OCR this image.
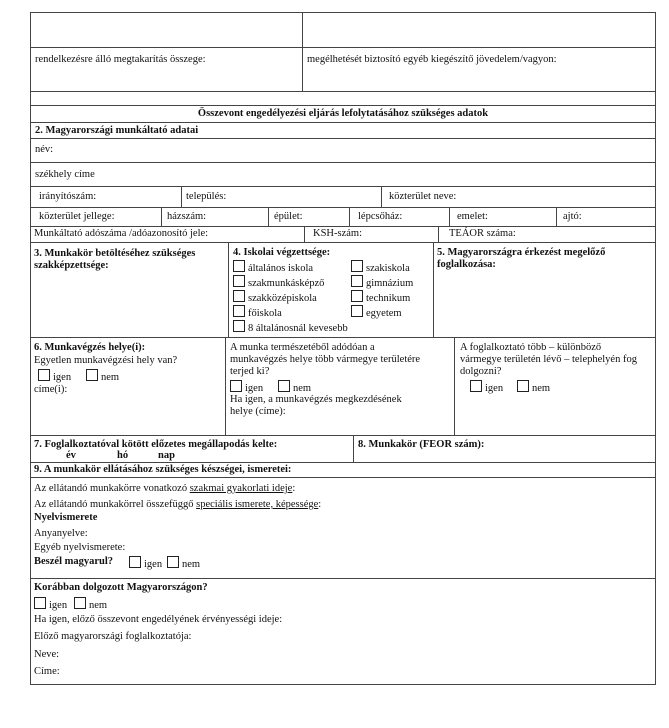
rendelkezésre álló megtakarítás összege:	megélhetését biztosító egyéb kiegészítő jövedelem/vagyon:
Összevont engedélyezési eljárás lefolytatásához szükséges adatok
2. Magyarországi munkáltató adatai
név:
székhely címe
irányítószám:	település:	közterület neve:
közterület jellege:	házszám:	épület:	lépcsőház:	emelet:	ajtó:
Munkáltató adószáma /adóazonosító jele:	KSH-szám:	TEÁOR száma:
3. Munkakör betöltéséhez szükséges szakképzettsége:
4. Iskolai végzettsége:
általános iskola	szakiskola
szakmunkásképző	gimnázium
szakközépiskola	technikum
főiskola	egyetem
8 általánosnál kevesebb
5. Magyarországra érkezést megelőző foglalkozása:
6. Munkavégzés helye(i):
Egyetlen munkavégzési hely van?
igen	nem
címe(i):
A munka természetéből adódóan a
munkavégzés helye több vármegye területére
terjed ki?
igen	nem
Ha igen, a munkavégzés megkezdésének
helye (címe):
A foglalkoztató több – különböző
vármegye területén lévő – telephelyén fog
dolgozni?
igen	nem
7. Foglalkoztatóval kötött előzetes megállapodás kelte:
év	hó	nap
8. Munkakör (FEOR szám):
9. A munkakör ellátásához szükséges készségei, ismeretei:
Az ellátandó munkakörre vonatkozó szakmai gyakorlati ideje:
Az ellátandó munkakörrel összefüggő speciális ismerete, képessége:
Nyelvismerete
Anyanyelve:
Egyéb nyelvismerete:
Beszél magyarul?	igen	nem
Korábban dolgozott Magyarországon?
igen	nem
Ha igen, előző összevont engedélyének érvényességi ideje:
Előző magyarországi foglalkoztatója:
Neve:
Címe:
